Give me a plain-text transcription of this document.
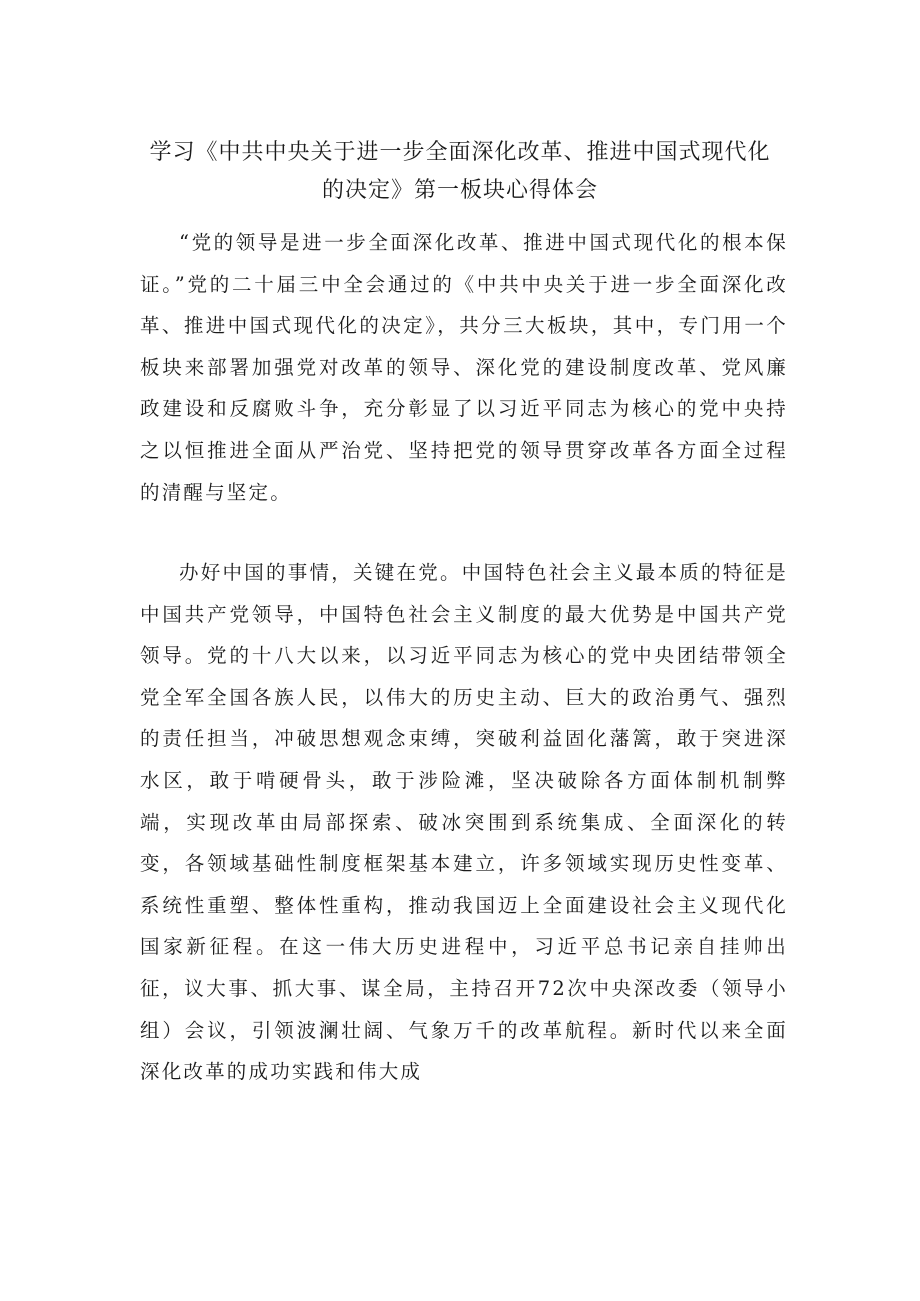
学习《中共中央关于进一步全面深化改革、推进中国式现代化的决定》第一板块心得体会

“党的领导是进一步全面深化改革、推进中国式现代化的根本保证。”党的二十届三中全会通过的《中共中央关于进一步全面深化改革、推进中国式现代化的决定》，共分三大板块，其中，专门用一个板块来部署加强党对改革的领导、深化党的建设制度改革、党风廉政建设和反腐败斗争，充分彰显了以习近平同志为核心的党中央持之以恒推进全面从严治党、坚持把党的领导贯穿改革各方面全过程的清醒与坚定。

办好中国的事情，关键在党。中国特色社会主义最本质的特征是中国共产党领导，中国特色社会主义制度的最大优势是中国共产党领导。党的十八大以来，以习近平同志为核心的党中央团结带领全党全军全国各族人民，以伟大的历史主动、巨大的政治勇气、强烈的责任担当，冲破思想观念束缚，突破利益固化藩篱，敢于突进深水区，敢于啃硬骨头，敢于涉险滩，坚决破除各方面体制机制弊端，实现改革由局部探索、破冰突围到系统集成、全面深化的转变，各领域基础性制度框架基本建立，许多领域实现历史性变革、系统性重塑、整体性重构，推动我国迈上全面建设社会主义现代化国家新征程。在这一伟大历史进程中，习近平总书记亲自挂帅出征，议大事、抓大事、谋全局，主持召开72次中央深改委（领导小组）会议，引领波澜壮阔、气象万千的改革航程。新时代以来全面深化改革的成功实践和伟大成
